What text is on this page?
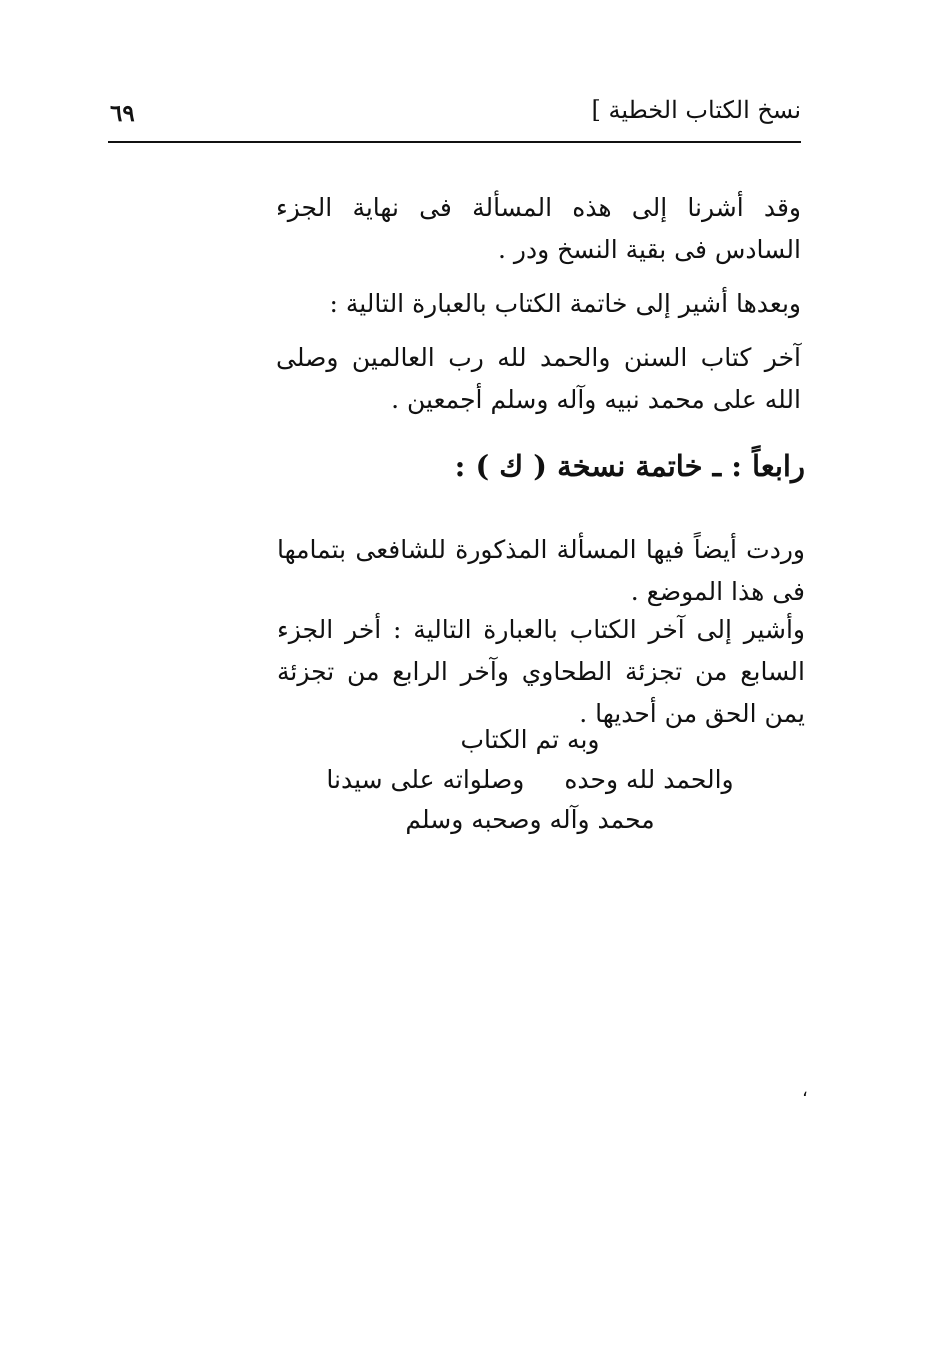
٦٩	نسخ الكتاب الخطية ]

وقد أشرنا إلى هذه المسألة فى نهاية الجزء السادس فى بقية النسخ ودر .

وبعدها أشير إلى خاتمة الكتاب بالعبارة التالية :

آخر كتاب السنن والحمد لله رب العالمين وصلى الله على محمد نبيه وآله وسلم أجمعين .

رابعاً : ـ خاتمة نسخة ( ك ) :

وردت أيضاً فيها المسألة المذكورة للشافعى بتمامها فى هذا الموضع .

وأشير إلى آخر الكتاب بالعبارة التالية : أخر الجزء السابع من تجزئة الطحاوي وآخر الرابع من تجزئة يمن الحق من أحديها .

وبه تم الكتاب
والحمد لله وحدهوصلواته على سيدنا
محمد وآله وصحبه وسلم
،
